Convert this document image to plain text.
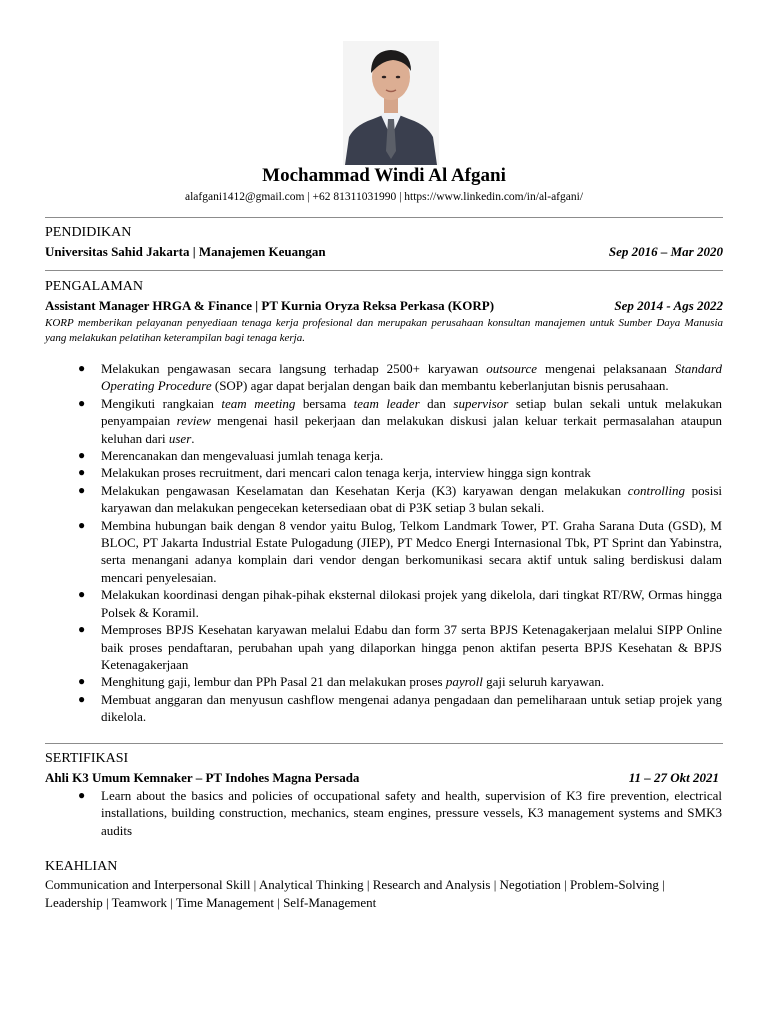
Mochammad Windi Al Afgani
alafgani1412@gmail.com | +62 81311031990 | https://www.linkedin.com/in/al-afgani/
PENDIDIKAN
Universitas Sahid Jakarta | Manajemen Keuangan	Sep 2016 – Mar 2020
PENGALAMAN
Assistant Manager HRGA & Finance | PT Kurnia Oryza Reksa Perkasa (KORP)	Sep 2014 - Ags 2022
KORP memberikan pelayanan penyediaan tenaga kerja profesional dan merupakan perusahaan konsultan manajemen untuk Sumber Daya Manusia yang melakukan pelatihan keterampilan bagi tenaga kerja.
● Melakukan pengawasan secara langsung terhadap 2500+ karyawan outsource mengenai pelaksanaan Standard Operating Procedure (SOP) agar dapat berjalan dengan baik dan membantu keberlanjutan bisnis perusahaan.
● Mengikuti rangkaian team meeting bersama team leader dan supervisor setiap bulan sekali untuk melakukan penyampaian review mengenai hasil pekerjaan dan melakukan diskusi jalan keluar terkait permasalahan ataupun keluhan dari user.
● Merencanakan dan mengevaluasi jumlah tenaga kerja.
● Melakukan proses recruitment, dari mencari calon tenaga kerja, interview hingga sign kontrak
● Melakukan pengawasan Keselamatan dan Kesehatan Kerja (K3) karyawan dengan melakukan controlling posisi karyawan dan melakukan pengecekan ketersediaan obat di P3K setiap 3 bulan sekali.
● Membina hubungan baik dengan 8 vendor yaitu Bulog, Telkom Landmark Tower, PT. Graha Sarana Duta (GSD), M BLOC, PT Jakarta Industrial Estate Pulogadung (JIEP), PT Medco Energi Internasional Tbk, PT Sprint dan Yabinstra, serta menangani adanya komplain dari vendor dengan berkomunikasi secara aktif untuk saling berdiskusi dalam mencari penyelesaian.
● Melakukan koordinasi dengan pihak-pihak eksternal dilokasi projek yang dikelola, dari tingkat RT/RW, Ormas hingga Polsek & Koramil.
● Memproses BPJS Kesehatan karyawan melalui Edabu dan form 37 serta BPJS Ketenagakerjaan melalui SIPP Online baik proses pendaftaran, perubahan upah yang dilaporkan hingga penon aktifan peserta BPJS Kesehatan & BPJS Ketenagakerjaan
● Menghitung gaji, lembur dan PPh Pasal 21 dan melakukan proses payroll gaji seluruh karyawan.
● Membuat anggaran dan menyusun cashflow mengenai adanya pengadaan dan pemeliharaan untuk setiap projek yang dikelola.
SERTIFIKASI
Ahli K3 Umum Kemnaker – PT Indohes Magna Persada	11 – 27 Okt 2021
● Learn about the basics and policies of occupational safety and health, supervision of K3 fire prevention, electrical installations, building construction, mechanics, steam engines, pressure vessels, K3 management systems and SMK3 audits
KEAHLIAN
Communication and Interpersonal Skill | Analytical Thinking | Research and Analysis | Negotiation | Problem-Solving | Leadership | Teamwork | Time Management | Self-Management
